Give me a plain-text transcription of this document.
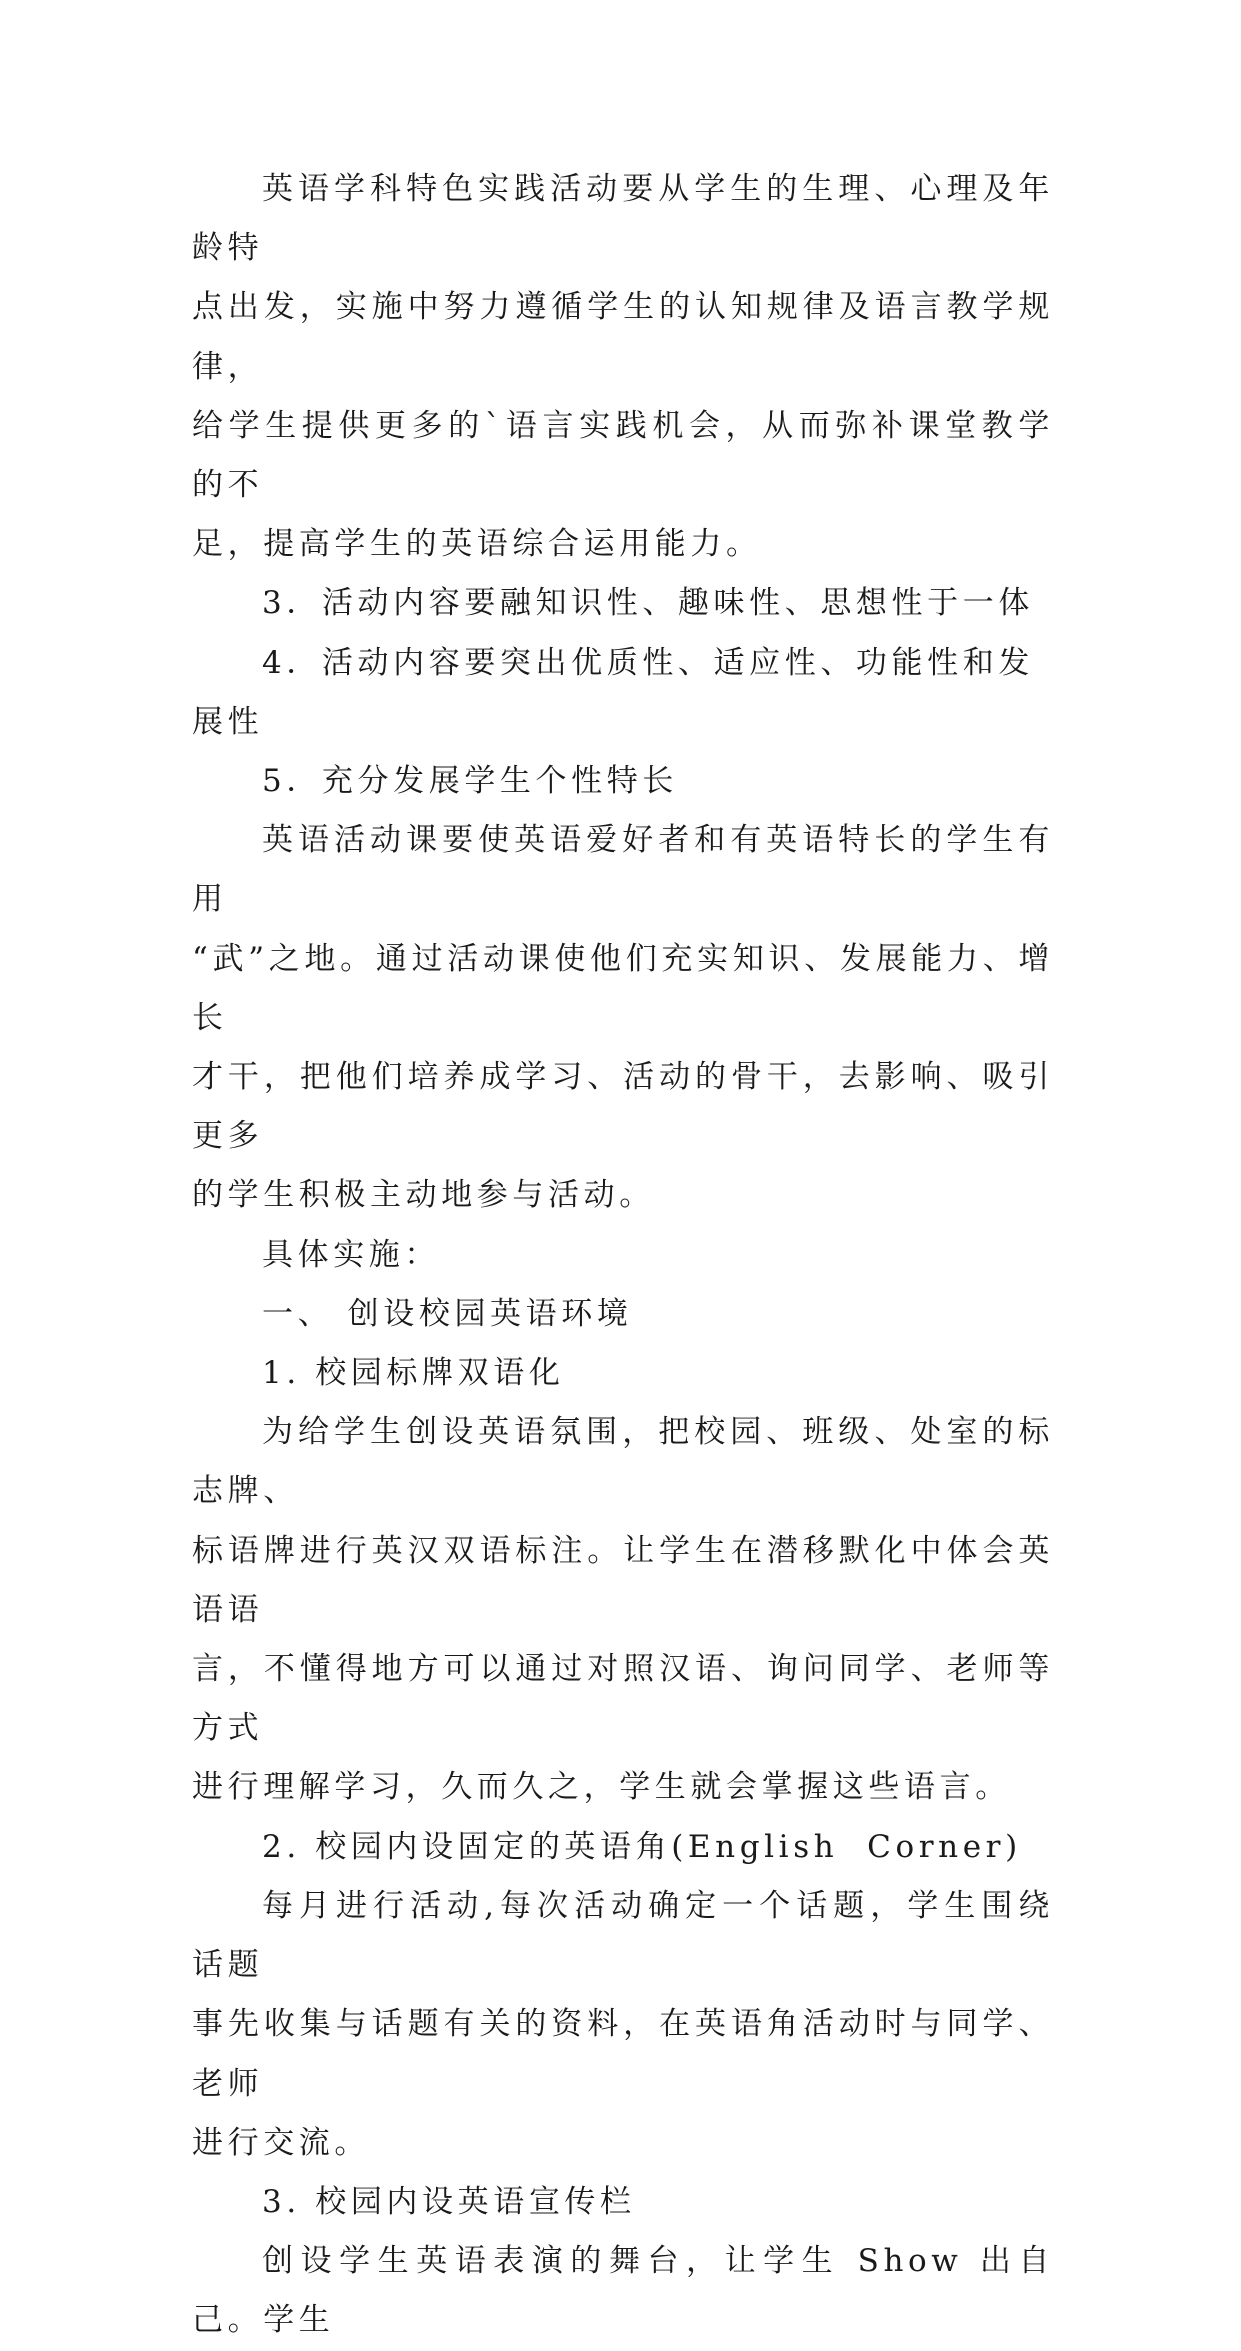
英语学科特色实践活动要从学生的生理、心理及年龄特
点出发，实施中努力遵循学生的认知规律及语言教学规律，
给学生提供更多的`语言实践机会，从而弥补课堂教学的不
足，提高学生的英语综合运用能力。

3．活动内容要融知识性、趣味性、思想性于一体

4．活动内容要突出优质性、适应性、功能性和发展性

5．充分发展学生个性特长

英语活动课要使英语爱好者和有英语特长的学生有用
“武”之地。通过活动课使他们充实知识、发展能力、增长
才干，把他们培养成学习、活动的骨干，去影响、吸引更多
的学生积极主动地参与活动。

具体实施：

一、 创设校园英语环境

1. 校园标牌双语化

为给学生创设英语氛围，把校园、班级、处室的标志牌、
标语牌进行英汉双语标注。让学生在潜移默化中体会英语语
言，不懂得地方可以通过对照汉语、询问同学、老师等方式
进行理解学习，久而久之，学生就会掌握这些语言。

2. 校园内设固定的英语角(English  Corner)

每月进行活动,每次活动确定一个话题，学生围绕话题
事先收集与话题有关的资料，在英语角活动时与同学、老师
进行交流。

3. 校园内设英语宣传栏

创设学生英语表演的舞台，让学生 Show 出自己。学生
